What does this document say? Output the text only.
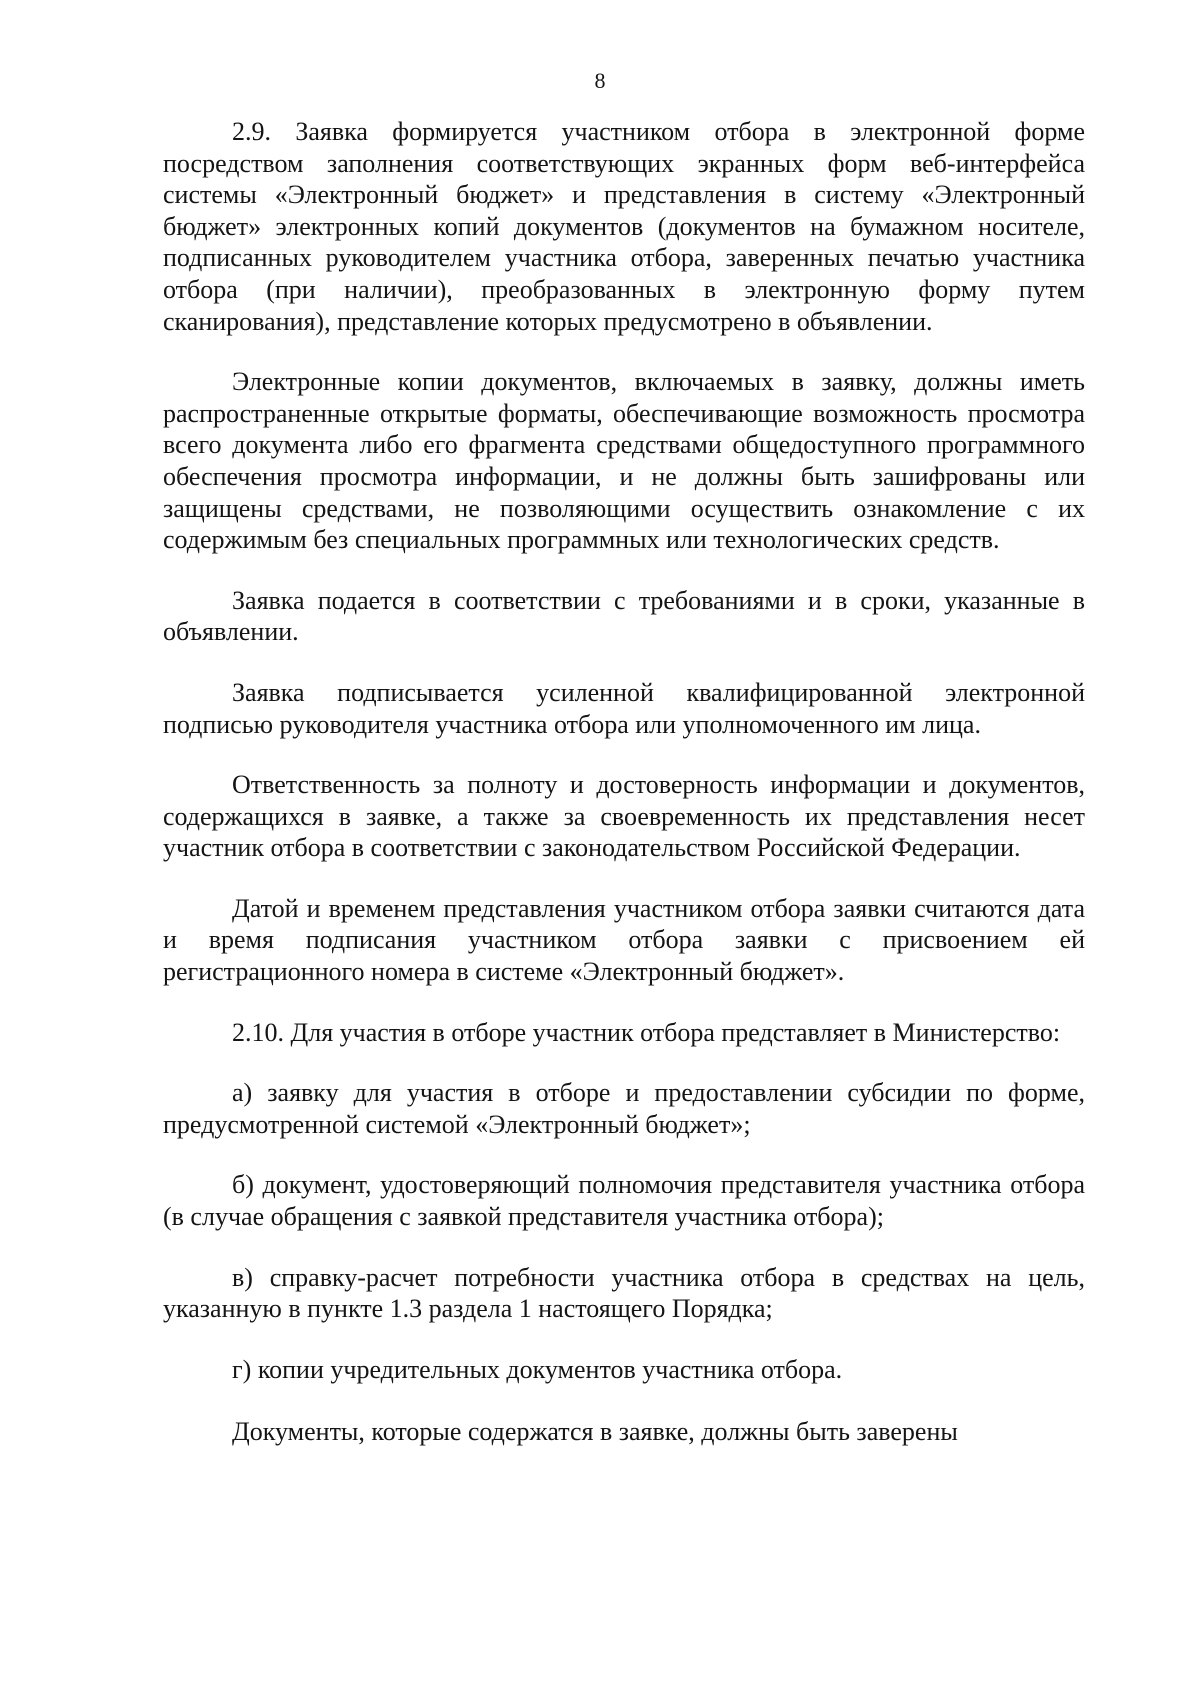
8

2.9. Заявка формируется участником отбора в электронной форме посредством заполнения соответствующих экранных форм веб-интерфейса системы «Электронный бюджет» и представления в систему «Электронный бюджет» электронных копий документов (документов на бумажном носителе, подписанных руководителем участника отбора, заверенных печатью участника отбора (при наличии), преобразованных в электронную форму путем сканирования), представление которых предусмотрено в объявлении.

Электронные копии документов, включаемых в заявку, должны иметь распространенные открытые форматы, обеспечивающие возможность просмотра всего документа либо его фрагмента средствами общедоступного программного обеспечения просмотра информации, и не должны быть зашифрованы или защищены средствами, не позволяющими осуществить ознакомление с их содержимым без специальных программных или технологических средств.

Заявка подается в соответствии с требованиями и в сроки, указанные в объявлении.

Заявка подписывается усиленной квалифицированной электронной подписью руководителя участника отбора или уполномоченного им лица.

Ответственность за полноту и достоверность информации и документов, содержащихся в заявке, а также за своевременность их представления несет участник отбора в соответствии с законодательством Российской Федерации.

Датой и временем представления участником отбора заявки считаются дата и время подписания участником отбора заявки с присвоением ей регистрационного номера в системе «Электронный бюджет».

2.10. Для участия в отборе участник отбора представляет в Министерство:

а) заявку для участия в отборе и предоставлении субсидии по форме, предусмотренной системой «Электронный бюджет»;

б) документ, удостоверяющий полномочия представителя участника отбора (в случае обращения с заявкой представителя участника отбора);

в) справку-расчет потребности участника отбора в средствах на цель, указанную в пункте 1.3 раздела 1 настоящего Порядка;

г) копии учредительных документов участника отбора.

Документы, которые содержатся в заявке, должны быть заверены
